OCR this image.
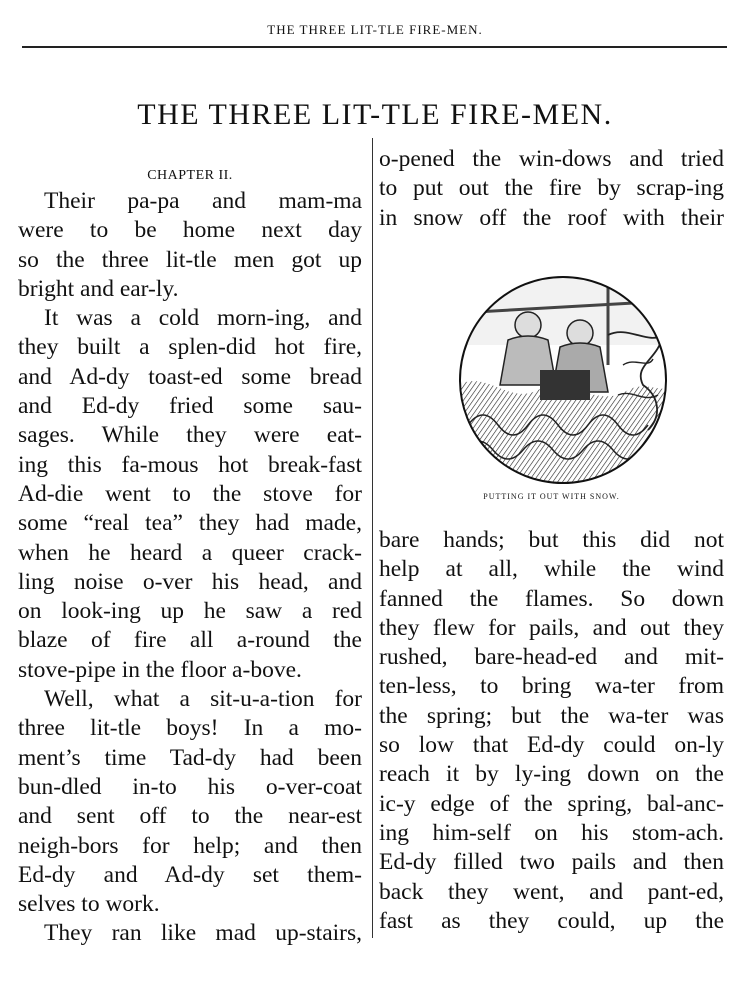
THE THREE LIT-TLE FIRE-MEN.
THE THREE LIT-TLE FIRE-MEN.
CHAPTER II.
Their pa-pa and mam-ma
were to be home next day
so the three lit-tle men got up
bright and ear-ly.
It was a cold morn-ing, and
they built a splen-did hot fire,
and Ad-dy toast-ed some bread
and Ed-dy fried some sau-
sages. While they were eat-
ing this fa-mous hot break-fast
Ad-die went to the stove for
some “real tea” they had made,
when he heard a queer crack-
ling noise o-ver his head, and
on look-ing up he saw a red
blaze of fire all a-round the
stove-pipe in the floor a-bove.
Well, what a sit-u-a-tion for
three lit-tle boys! In a mo-
ment’s time Tad-dy had been
bun-dled in-to his o-ver-coat
and sent off to the near-est
neigh-bors for help; and then
Ed-dy and Ad-dy set them-
selves to work.
They ran like mad up-stairs,
o-pened the win-dows and tried
to put out the fire by scrap-ing
in snow off the roof with their
PUTTING IT OUT WITH SNOW.
bare hands; but this did not
help at all, while the wind
fanned the flames. So down
they flew for pails, and out they
rushed, bare-head-ed and mit-
ten-less, to bring wa-ter from
the spring; but the wa-ter was
so low that Ed-dy could on-ly
reach it by ly-ing down on the
ic-y edge of the spring, bal-anc-
ing him-self on his stom-ach.
Ed-dy filled two pails and then
back they went, and pant-ed,
fast as they could, up the
